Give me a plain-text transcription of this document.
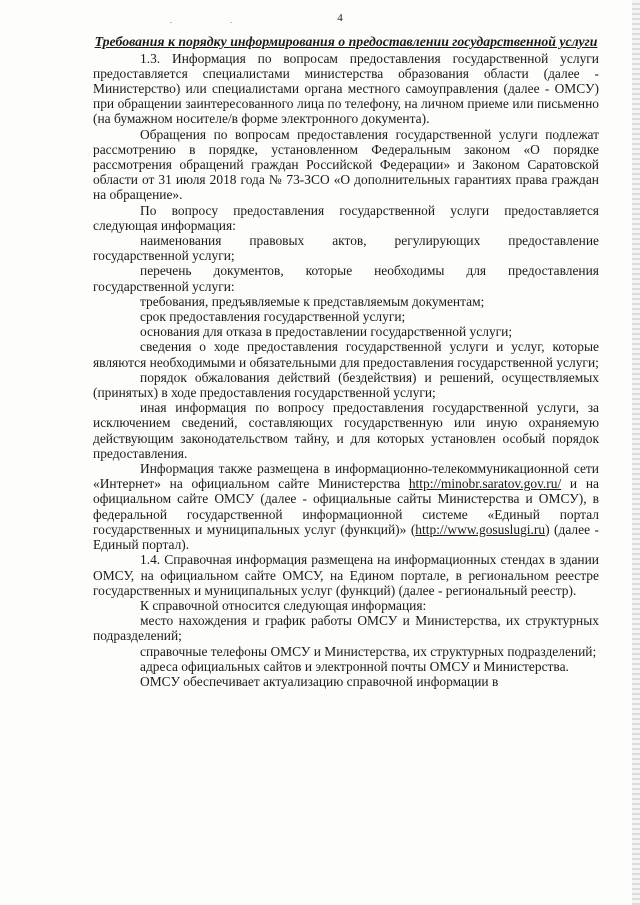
. .	4

Требования к порядку информирования о предоставлении государственной услуги

1.3. Информация по вопросам предоставления государственной услуги предоставляется специалистами министерства образования области (далее - Министерство) или специалистами органа местного самоуправления (далее - ОМСУ) при обращении заинтересованного лица по телефону, на личном приеме или письменно (на бумажном носителе/в форме электронного документа).

Обращения по вопросам предоставления государственной услуги подлежат рассмотрению в порядке, установленном Федеральным законом «О порядке рассмотрения обращений граждан Российской Федерации» и Законом Саратовской области от 31 июля 2018 года № 73-ЗСО «О дополнительных гарантиях права граждан на обращение».

По вопросу предоставления государственной услуги предоставляется следующая информация:

наименования правовых актов, регулирующих предоставление государственной услуги;

перечень документов, которые необходимы для предоставления государственной услуги:

требования, предъявляемые к представляемым документам;

срок предоставления государственной услуги;

основания для отказа в предоставлении государственной услуги;

сведения о ходе предоставления государственной услуги и услуг, которые являются необходимыми и обязательными для предоставления государственной услуги;

порядок обжалования действий (бездействия) и решений, осуществляемых (принятых) в ходе предоставления государственной услуги;

иная информация по вопросу предоставления государственной услуги, за исключением сведений, составляющих государственную или иную охраняемую действующим законодательством тайну, и для которых установлен особый порядок предоставления.

Информация также размещена в информационно-телекоммуникационной сети «Интернет» на официальном сайте Министерства http://minobr.saratov.gov.ru/ и на официальном сайте ОМСУ (далее - официальные сайты Министерства и ОМСУ), в федеральной государственной информационной системе «Единый портал государственных и муниципальных услуг (функций)» (http://www.gosuslugi.ru) (далее - Единый портал).

1.4. Справочная информация размещена на информационных стендах в здании ОМСУ, на официальном сайте ОМСУ, на Едином портале, в региональном реестре государственных и муниципальных услуг (функций) (далее - региональный реестр).

К справочной относится следующая информация:

место нахождения и график работы ОМСУ и Министерства, их структурных подразделений;

справочные телефоны ОМСУ и Министерства, их структурных подразделений;

адреса официальных сайтов и электронной почты ОМСУ и Министерства.

ОМСУ обеспечивает актуализацию справочной информации в
